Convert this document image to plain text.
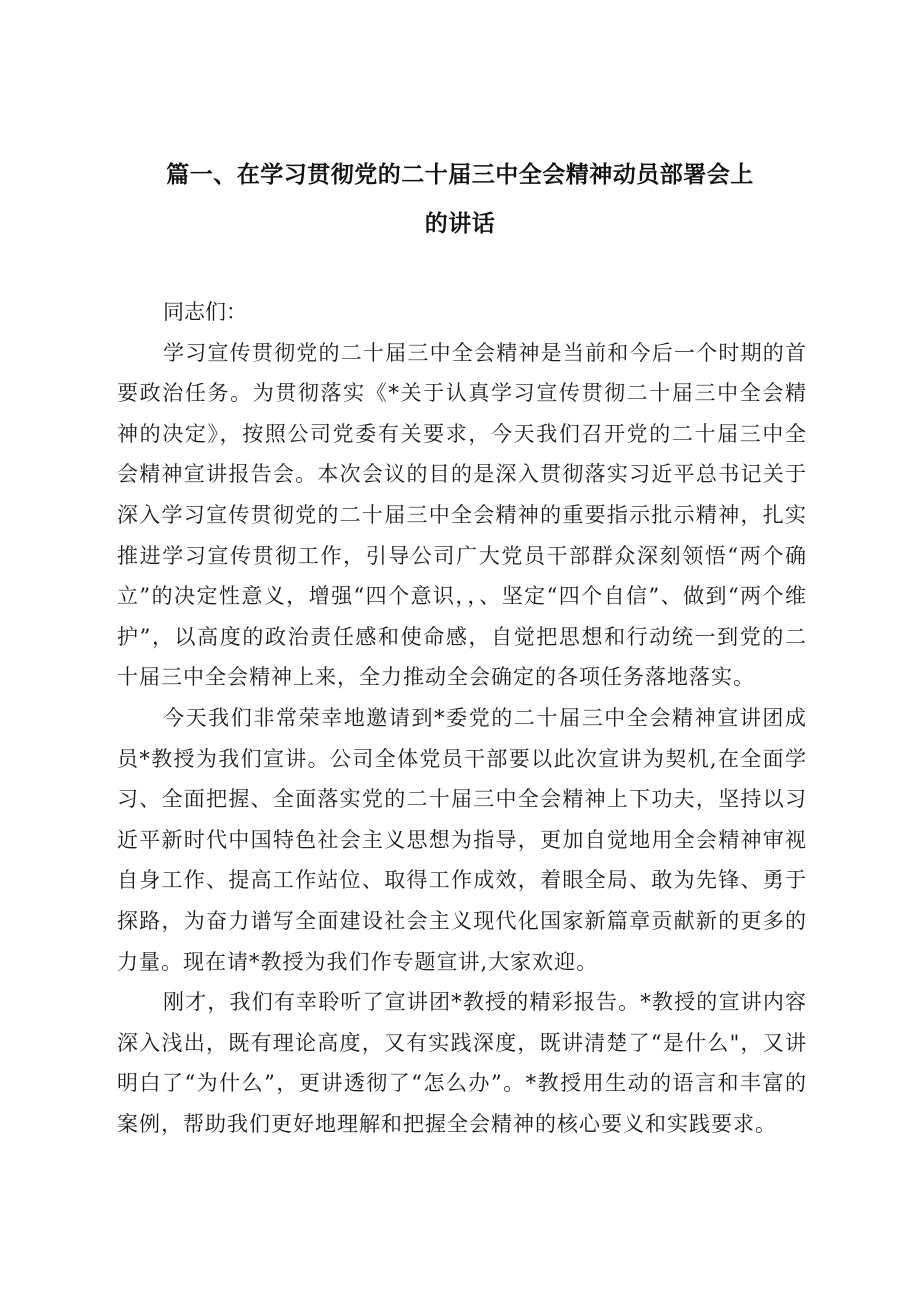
篇一、在学习贯彻党的二十届三中全会精神动员部署会上
的讲话

同志们：

学习宣传贯彻党的二十届三中全会精神是当前和今后一个时期的首要政治任务。为贯彻落实《*关于认真学习宣传贯彻二十届三中全会精神的决定》，按照公司党委有关要求，今天我们召开党的二十届三中全会精神宣讲报告会。本次会议的目的是深入贯彻落实习近平总书记关于深入学习宣传贯彻党的二十届三中全会精神的重要指示批示精神，扎实推进学习宣传贯彻工作，引导公司广大党员干部群众深刻领悟“两个确立”的决定性意义，增强“四个意识，，、坚定“四个自信”、做到“两个维护”，以高度的政治责任感和使命感，自觉把思想和行动统一到党的二十届三中全会精神上来，全力推动全会确定的各项任务落地落实。

今天我们非常荣幸地邀请到*委党的二十届三中全会精神宣讲团成员*教授为我们宣讲。公司全体党员干部要以此次宣讲为契机,在全面学习、全面把握、全面落实党的二十届三中全会精神上下功夫，坚持以习近平新时代中国特色社会主义思想为指导，更加自觉地用全会精神审视自身工作、提高工作站位、取得工作成效，着眼全局、敢为先锋、勇于探路，为奋力谱写全面建设社会主义现代化国家新篇章贡献新的更多的力量。现在请*教授为我们作专题宣讲,大家欢迎。

刚才，我们有幸聆听了宣讲团*教授的精彩报告。*教授的宣讲内容深入浅出，既有理论高度，又有实践深度，既讲清楚了“是什么"，又讲明白了“为什么”，更讲透彻了“怎么办”。*教授用生动的语言和丰富的案例，帮助我们更好地理解和把握全会精神的核心要义和实践要求。
